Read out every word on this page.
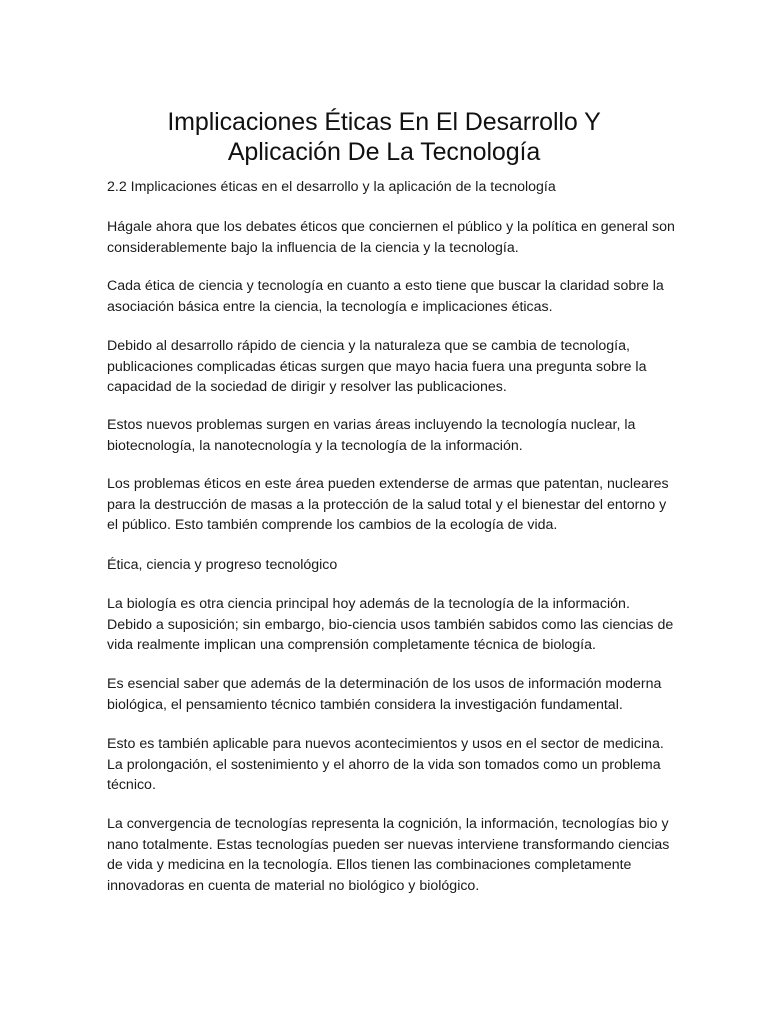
Implicaciones Éticas En El Desarrollo Y
Aplicación De La Tecnología

2.2 Implicaciones éticas en el desarrollo y la aplicación de la tecnología

Hágale ahora que los debates éticos que conciernen el público y la política en general son
considerablemente bajo la influencia de la ciencia y la tecnología.

Cada ética de ciencia y tecnología en cuanto a esto tiene que buscar la claridad sobre la
asociación básica entre la ciencia, la tecnología e implicaciones éticas.

Debido al desarrollo rápido de ciencia y la naturaleza que se cambia de tecnología,
publicaciones complicadas éticas surgen que mayo hacia fuera una pregunta sobre la
capacidad de la sociedad de dirigir y resolver las publicaciones.

Estos nuevos problemas surgen en varias áreas incluyendo la tecnología nuclear, la
biotecnología, la nanotecnología y la tecnología de la información.

Los problemas éticos en este área pueden extenderse de armas que patentan, nucleares
para la destrucción de masas a la protección de la salud total y el bienestar del entorno y
el público. Esto también comprende los cambios de la ecología de vida.

Ética, ciencia y progreso tecnológico

La biología es otra ciencia principal hoy además de la tecnología de la información.
Debido a suposición; sin embargo, bio-ciencia usos también sabidos como las ciencias de
vida realmente implican una comprensión completamente técnica de biología.

Es esencial saber que además de la determinación de los usos de información moderna
biológica, el pensamiento técnico también considera la investigación fundamental.

Esto es también aplicable para nuevos acontecimientos y usos en el sector de medicina.
La prolongación, el sostenimiento y el ahorro de la vida son tomados como un problema
técnico.

La convergencia de tecnologías representa la cognición, la información, tecnologías bio y
nano totalmente. Estas tecnologías pueden ser nuevas interviene transformando ciencias
de vida y medicina en la tecnología. Ellos tienen las combinaciones completamente
innovadoras en cuenta de material no biológico y biológico.
